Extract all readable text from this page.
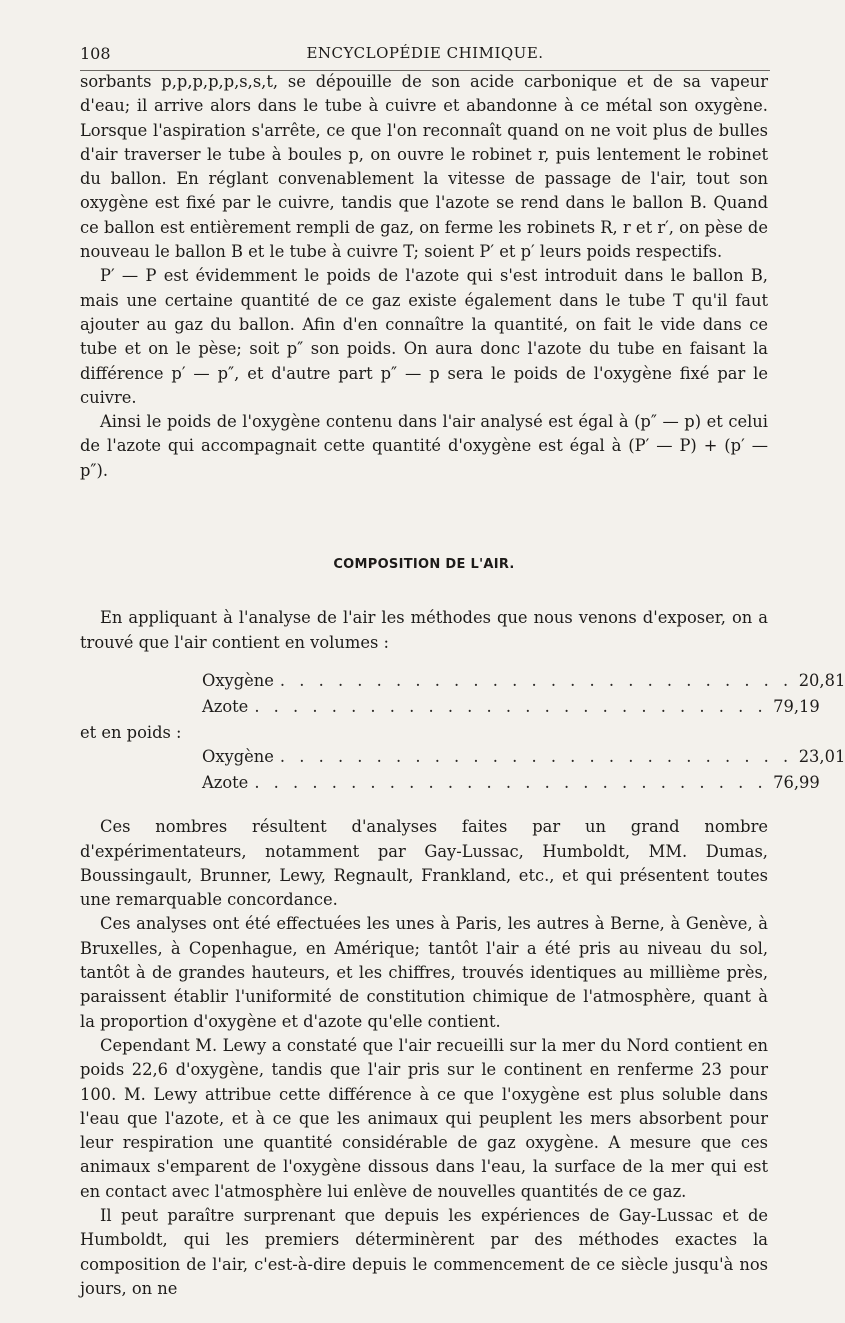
108	ENCYCLOPÉDIE CHIMIQUE.

sorbants p,p,p,p,p,s,s,t, se dépouille de son acide carbonique et de sa vapeur d'eau; il arrive alors dans le tube à cuivre et abandonne à ce métal son oxygène. Lorsque l'aspiration s'arrête, ce que l'on reconnaît quand on ne voit plus de bulles d'air traverser le tube à boules p, on ouvre le robinet r, puis lentement le robinet du ballon. En réglant convenablement la vitesse de passage de l'air, tout son oxygène est fixé par le cuivre, tandis que l'azote se rend dans le ballon B. Quand ce ballon est entièrement rempli de gaz, on ferme les robinets R, r et r′, on pèse de nouveau le ballon B et le tube à cuivre T; soient P′ et p′ leurs poids respectifs.

P′ — P est évidemment le poids de l'azote qui s'est introduit dans le ballon B, mais une certaine quantité de ce gaz existe également dans le tube T qu'il faut ajouter au gaz du ballon. Afin d'en connaître la quantité, on fait le vide dans ce tube et on le pèse; soit p″ son poids. On aura donc l'azote du tube en faisant la différence p′ — p″, et d'autre part p″ — p sera le poids de l'oxygène fixé par le cuivre.

Ainsi le poids de l'oxygène contenu dans l'air analysé est égal à (p″ — p) et celui de l'azote qui accompagnait cette quantité d'oxygène est égal à (P′ — P) + (p′ — p″).

COMPOSITION DE L'AIR.

En appliquant à l'analyse de l'air les méthodes que nous venons d'exposer, on a trouvé que l'air contient en volumes :

Oxygène . . . . . . . . . . . . . . . . . . . . . . . . . . . 20,81
Azote . . . . . . . . . . . . . . . . . . . . . . . . . . . 79,19

et en poids :

Oxygène . . . . . . . . . . . . . . . . . . . . . . . . . . . 23,01
Azote . . . . . . . . . . . . . . . . . . . . . . . . . . . 76,99

Ces nombres résultent d'analyses faites par un grand nombre d'expérimentateurs, notamment par Gay-Lussac, Humboldt, MM. Dumas, Boussingault, Brunner, Lewy, Regnault, Frankland, etc., et qui présentent toutes une remarquable concordance.

Ces analyses ont été effectuées les unes à Paris, les autres à Berne, à Genève, à Bruxelles, à Copenhague, en Amérique; tantôt l'air a été pris au niveau du sol, tantôt à de grandes hauteurs, et les chiffres, trouvés identiques au millième près, paraissent établir l'uniformité de constitution chimique de l'atmosphère, quant à la proportion d'oxygène et d'azote qu'elle contient.

Cependant M. Lewy a constaté que l'air recueilli sur la mer du Nord contient en poids 22,6 d'oxygène, tandis que l'air pris sur le continent en renferme 23 pour 100. M. Lewy attribue cette différence à ce que l'oxygène est plus soluble dans l'eau que l'azote, et à ce que les animaux qui peuplent les mers absorbent pour leur respiration une quantité considérable de gaz oxygène. A mesure que ces animaux s'emparent de l'oxygène dissous dans l'eau, la surface de la mer qui est en contact avec l'atmosphère lui enlève de nouvelles quantités de ce gaz.

Il peut paraître surprenant que depuis les expériences de Gay-Lussac et de Humboldt, qui les premiers déterminèrent par des méthodes exactes la composition de l'air, c'est-à-dire depuis le commencement de ce siècle jusqu'à nos jours, on ne
